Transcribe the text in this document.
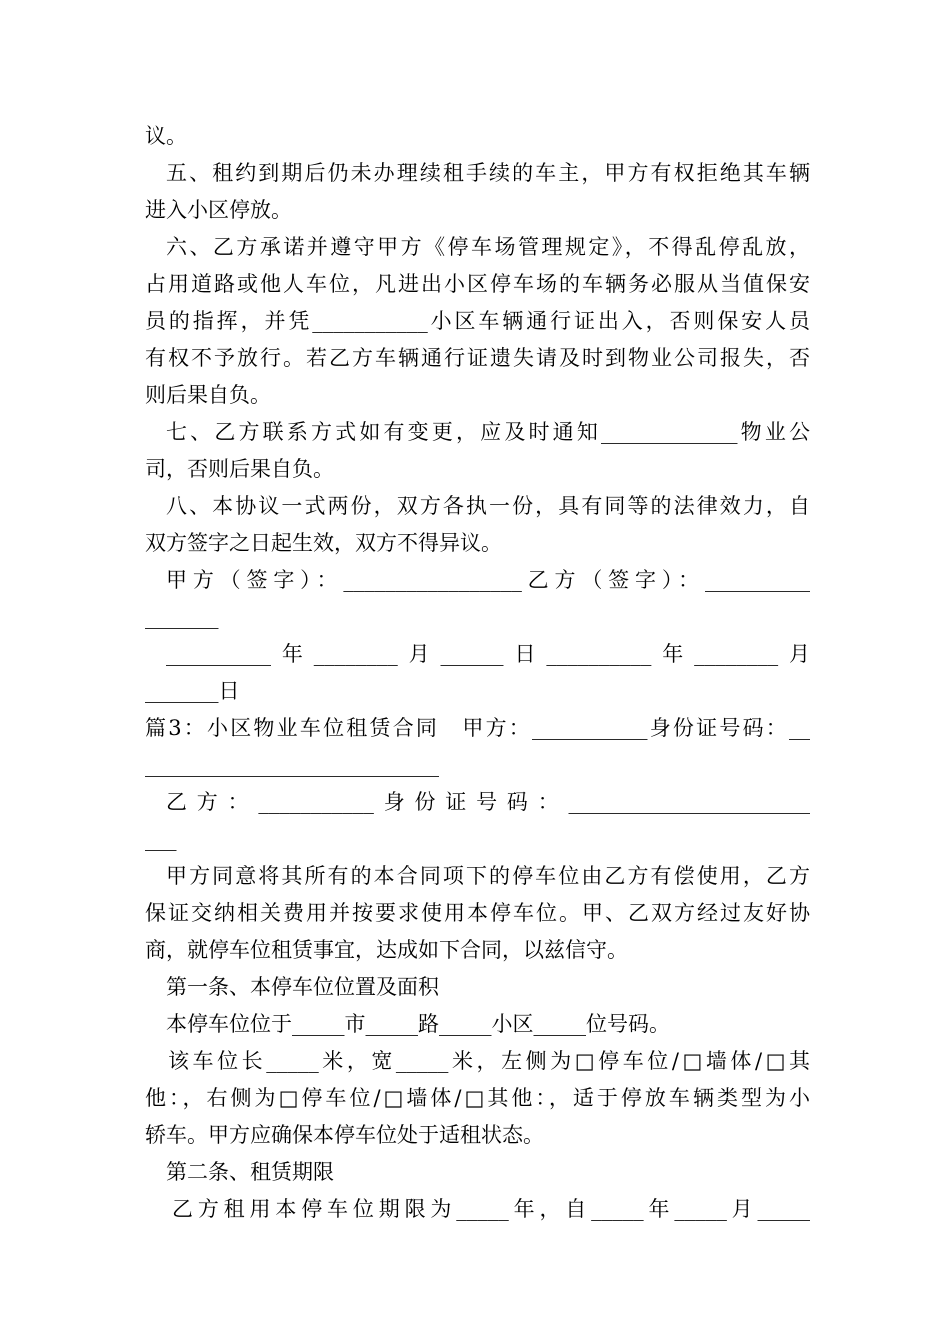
议。
五、租约到期后仍未办理续租手续的车主，甲方有权拒绝其车辆
进入小区停放。
六、乙方承诺并遵守甲方《停车场管理规定》，不得乱停乱放，
占用道路或他人车位，凡进出小区停车场的车辆务必服从当值保安
员的指挥，并凭___________小区车辆通行证出入，否则保安人员
有权不予放行。若乙方车辆通行证遗失请及时到物业公司报失，否
则后果自负。
七、乙方联系方式如有变更，应及时通知_____________物业公
司，否则后果自负。
八、本协议一式两份，双方各执一份，具有同等的法律效力，自
双方签字之日起生效，双方不得异议。
甲方（签字）：_________________乙方（签字）：__________
_______
__________年________月______日__________年________月
_______日
篇3：小区物业车位租赁合同　甲方：___________身份证号码：__
____________________________
乙方：___________身份证号码：_______________________
___
甲方同意将其所有的本合同项下的停车位由乙方有偿使用，乙方
保证交纳相关费用并按要求使用本停车位。甲、乙双方经过友好协
商，就停车位租赁事宜，达成如下合同，以兹信守。
第一条、本停车位位置及面积
本停车位位于_____市_____路_____小区_____位号码。
该车位长_____米，宽_____米，左侧为□停车位/□墙体/□其
他：，右侧为□停车位/□墙体/□其他：，适于停放车辆类型为小
轿车。甲方应确保本停车位处于适租状态。
第二条、租赁期限
乙方租用本停车位期限为_____年，自_____年_____月_____
